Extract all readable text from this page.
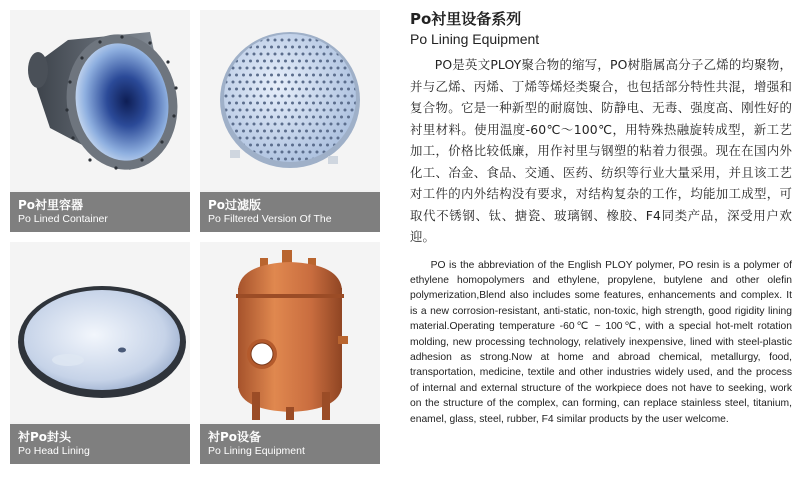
Po衬里容器
Po Lined Container
Po过滤版
Po Filtered Version Of The
衬Po封头
Po Head Lining
衬Po设备
Po Lining Equipment
Po衬里设备系列
Po Lining Equipment
PO是英文PLOY聚合物的缩写，PO树脂属高分子乙烯的均聚物，并与乙烯、丙烯、丁烯等烯烃类聚合，也包括部分特性共混，增强和复合物。它是一种新型的耐腐蚀、防静电、无毒、强度高、刚性好的衬里材料。使用温度-60℃～100℃，用特殊热融旋转成型，新工艺加工，价格比较低廉，用作衬里与钢塑的粘着力很强。现在在国内外化工、冶金、食品、交通、医药、纺织等行业大量采用，并且该工艺对工件的内外结构没有要求，对结构复杂的工作，均能加工成型，可取代不锈钢、钛、搪瓷、玻璃钢、橡胶、F4同类产品，深受用户欢迎。
PO is the abbreviation of the English PLOY polymer, PO resin is a polymer of ethylene homopolymers and ethylene, propylene, butylene and other olefin polymerization,Blend also includes some features, enhancements and complex. It is a new corrosion-resistant, anti-static, non-toxic, high strength, good rigidity lining material.Operating temperature -60℃ ~ 100℃, with a special hot-melt rotation molding, new processing technology, relatively inexpensive, lined with steel-plastic adhesion as strong.Now at home and abroad chemical, metallurgy, food, transportation, medicine, textile and other industries widely used, and the process of internal and external structure of the workpiece does not have to seeking, work on the structure of the complex, can forming, can replace stainless steel, titanium, enamel, glass, steel, rubber, F4 similar products by the user welcome.
